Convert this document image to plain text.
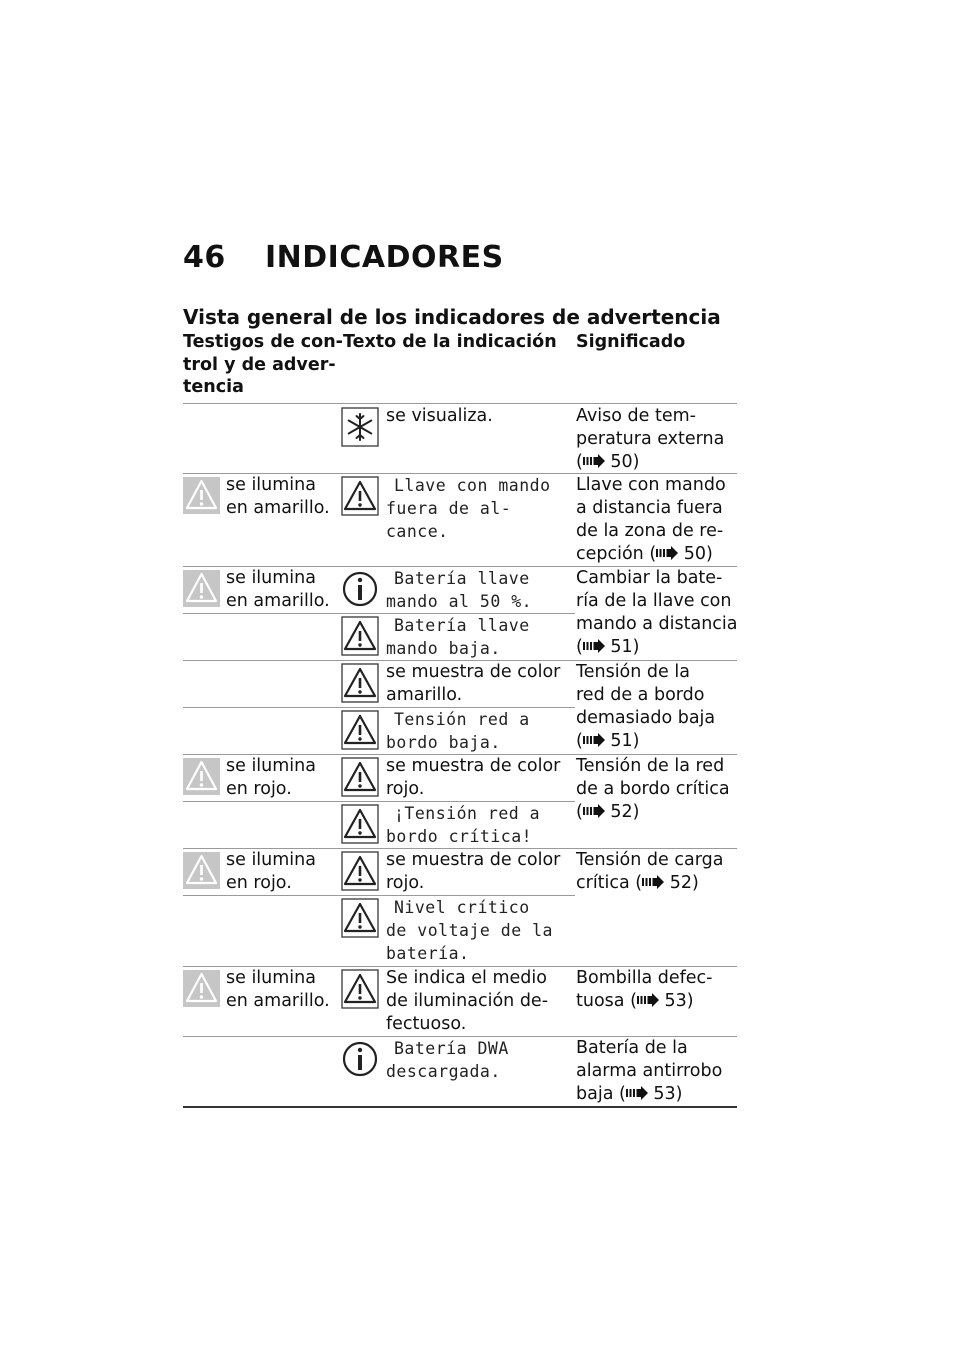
46 INDICADORES
Vista general de los indicadores de advertencia
Testigos de con-
trol y de adver-
tencia
Texto de la indicación Significado
se visualiza.	Aviso de tem-
peratura externa
( 50)
se ilumina
en amarillo.
Llave con mando
fuera de al-
cance.
Llave con mando
a distancia fuera
de la zona de re-
cepción ( 50)
se ilumina
en amarillo.
Batería llave
mando al 50 %.
Cambiar la bate-
ría de la llave con
mando a distancia
( 51)
Batería llave
mando baja.
se muestra de color
amarillo.
Tensión de la
red de a bordo
demasiado baja
( 51)
Tensión red a
bordo baja.
se ilumina
en rojo.
se muestra de color
rojo.
Tensión de la red
de a bordo crítica
( 52)
¡Tensión red a
bordo crítica!
se ilumina
en rojo.
se muestra de color
rojo.
Tensión de carga
crítica ( 52)
Nivel crítico
de voltaje de la
batería.
se ilumina
en amarillo.
Se indica el medio
de iluminación de-
fectuoso.
Bombilla defec-
tuosa ( 53)
Batería DWA
descargada.
Batería de la
alarma antirrobo
baja ( 53)
